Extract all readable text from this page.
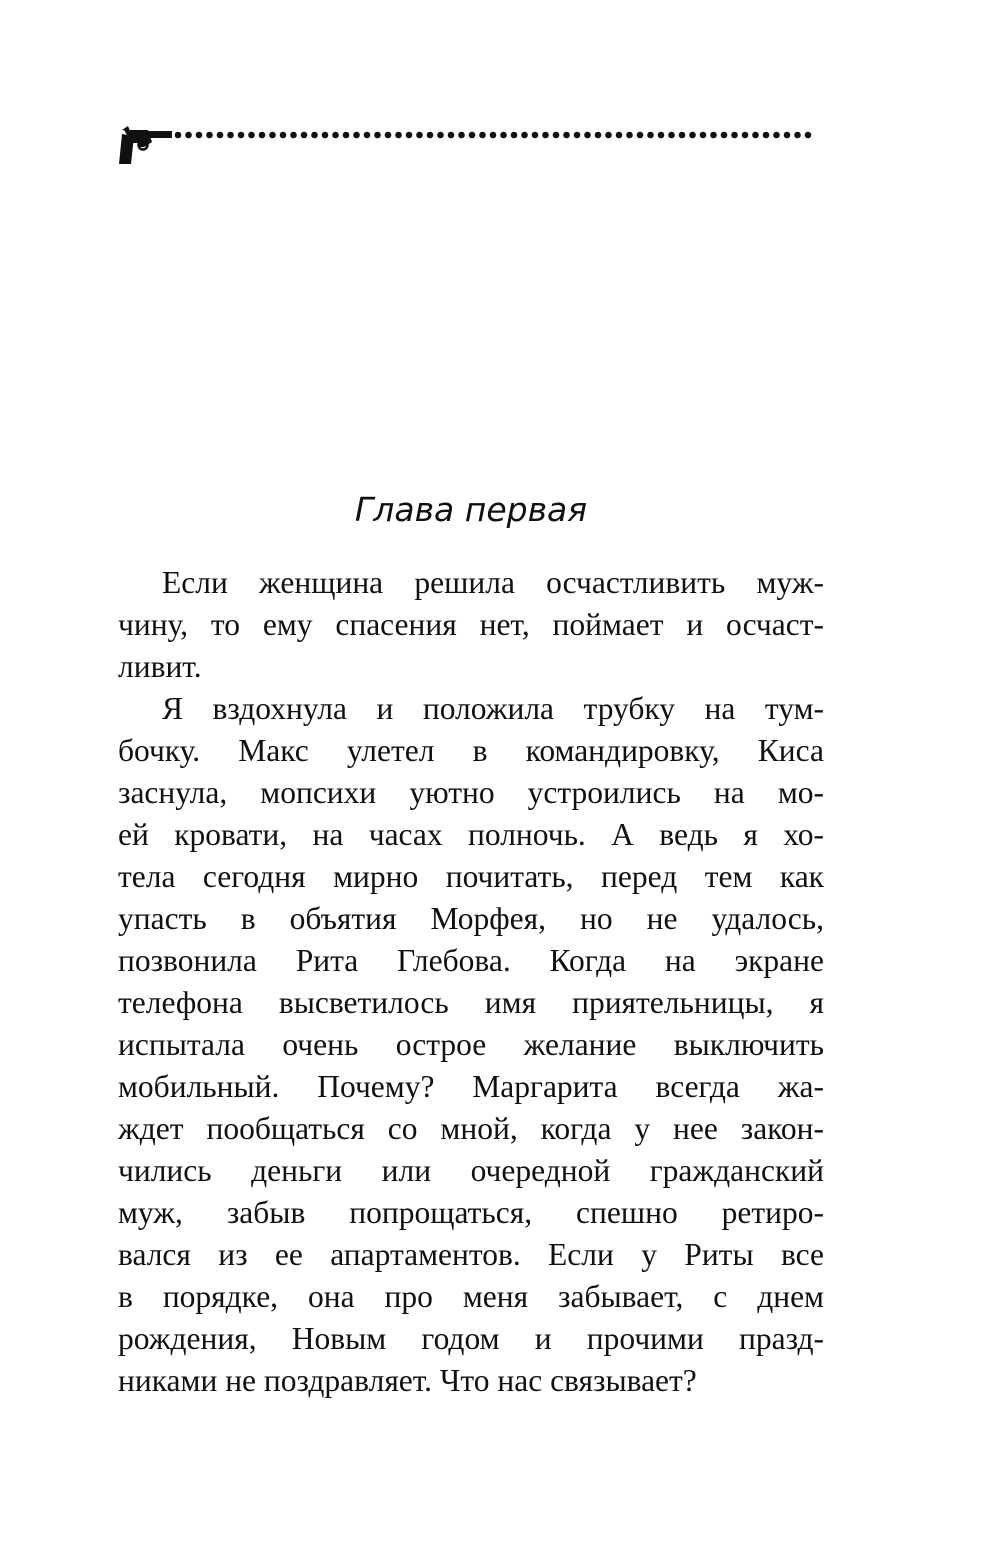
Глава первая

Если женщина решила осчастливить муж-
чину, то ему спасения нет, поймает и осчаст-
ливит.

Я вздохнула и положила трубку на тум-
бочку. Макс улетел в командировку, Киса
заснула, мопсихи уютно устроились на мо-
ей кровати, на часах полночь. А ведь я хо-
тела сегодня мирно почитать, перед тем как
упасть в объятия Морфея, но не удалось,
позвонила Рита Глебова. Когда на экране
телефона высветилось имя приятельницы, я
испытала очень острое желание выключить
мобильный. Почему? Маргарита всегда жа-
ждет пообщаться со мной, когда у нее закон-
чились деньги или очередной гражданский
муж, забыв попрощаться, спешно ретиро-
вался из ее апартаментов. Если у Риты все
в порядке, она про меня забывает, с днем
рождения, Новым годом и прочими празд-
никами не поздравляет. Что нас связывает?
